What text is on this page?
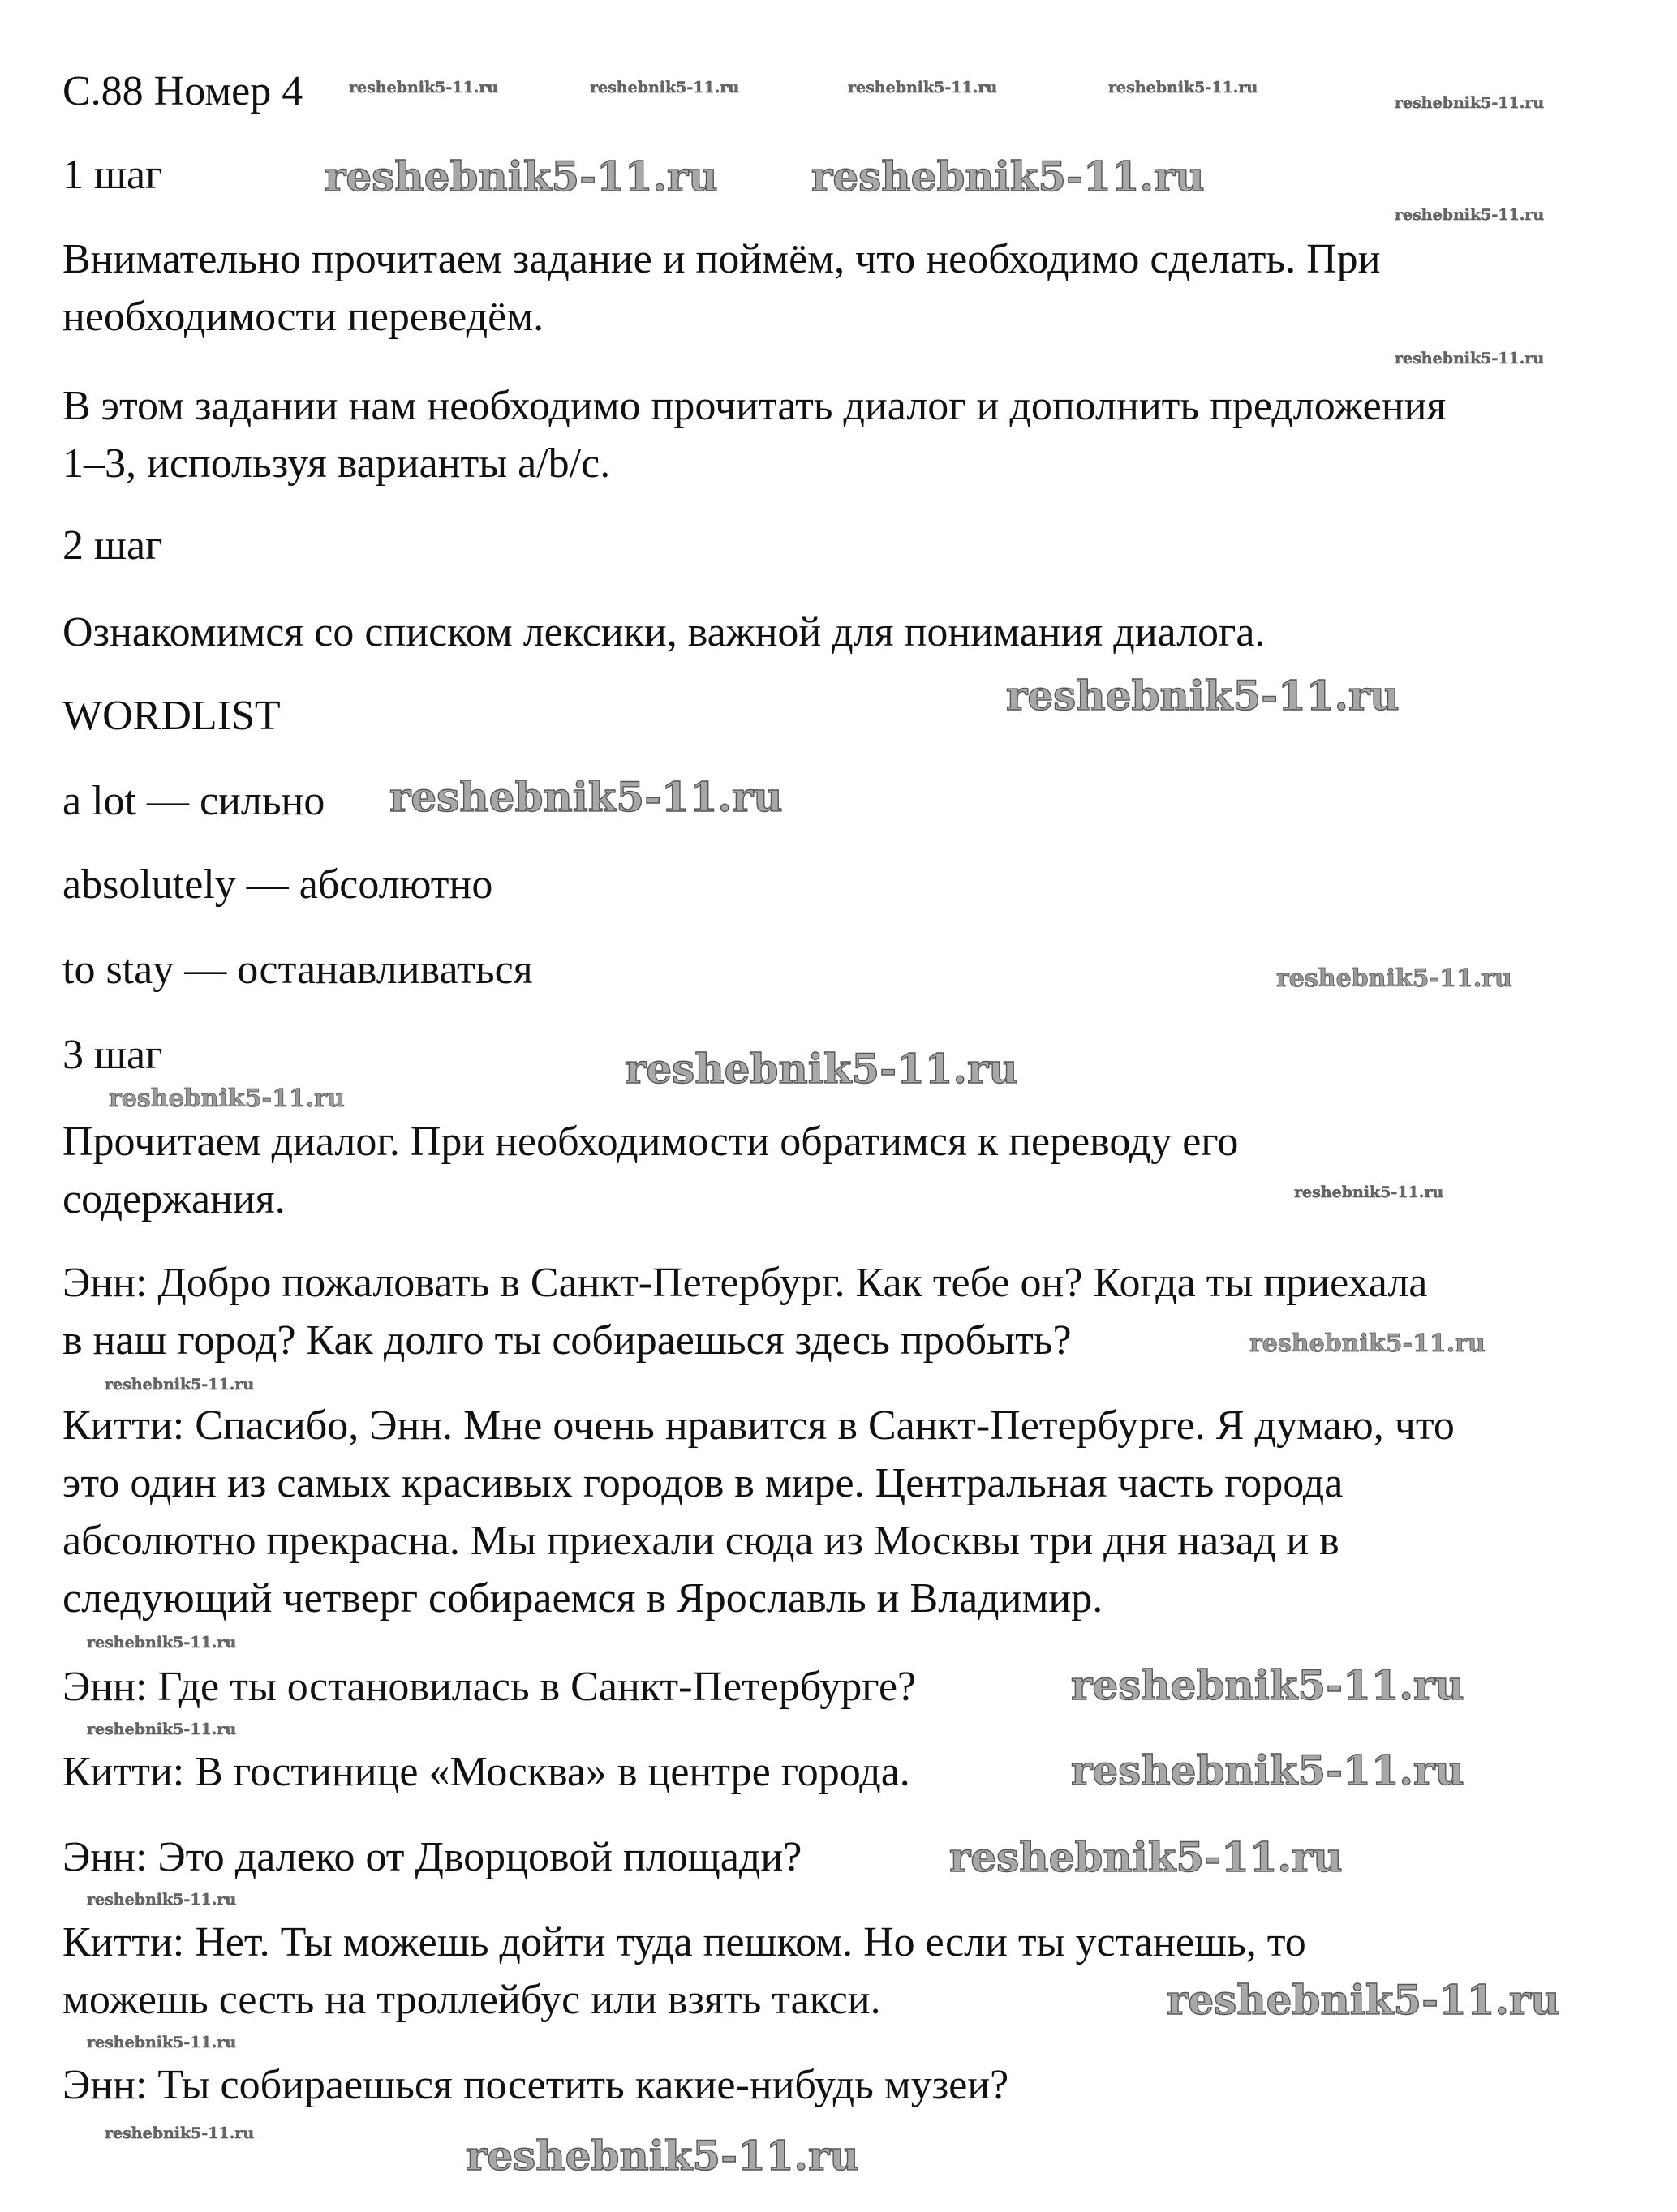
С.88 Номер 4
1 шаг
Внимательно прочитаем задание и поймём, что необходимо сделать. При
необходимости переведём.
В этом задании нам необходимо прочитать диалог и дополнить предложения
1–3, используя варианты a/b/c.
2 шаг
Ознакомимся со списком лексики, важной для понимания диалога.
WORDLIST
a lot — сильно
absolutely — абсолютно
to stay — останавливаться
3 шаг
Прочитаем диалог. При необходимости обратимся к переводу его
содержания.
Энн: Добро пожаловать в Санкт-Петербург. Как тебе он? Когда ты приехала
в наш город? Как долго ты собираешься здесь пробыть?
Китти: Спасибо, Энн. Мне очень нравится в Санкт-Петербурге. Я думаю, что
это один из самых красивых городов в мире. Центральная часть города
абсолютно прекрасна. Мы приехали сюда из Москвы три дня назад и в
следующий четверг собираемся в Ярославль и Владимир.
Энн: Где ты остановилась в Санкт-Петербурге?
Китти: В гостинице «Москва» в центре города.
Энн: Это далеко от Дворцовой площади?
Китти: Нет. Ты можешь дойти туда пешком. Но если ты устанешь, то
можешь сесть на троллейбус или взять такси.
Энн: Ты собираешься посетить какие-нибудь музеи?
reshebnik5-11.ru	reshebnik5-11.ru	reshebnik5-11.ru	reshebnik5-11.ru
reshebnik5-11.ru
reshebnik5-11.ru
reshebnik5-11.ru
reshebnik5-11.ru reshebnik5-11.ru
reshebnik5-11.ru
reshebnik5-11.ru
reshebnik5-11.ru
reshebnik5-11.ru
reshebnik5-11.ru
reshebnik5-11.ru
reshebnik5-11.ru
reshebnik5-11.ru
reshebnik5-11.ru
reshebnik5-11.ru
reshebnik5-11.ru
reshebnik5-11.ru
reshebnik5-11.ru
reshebnik5-11.ru
reshebnik5-11.ru
reshebnik5-11.ru
reshebnik5-11.ru	reshebnik5-11.ru
